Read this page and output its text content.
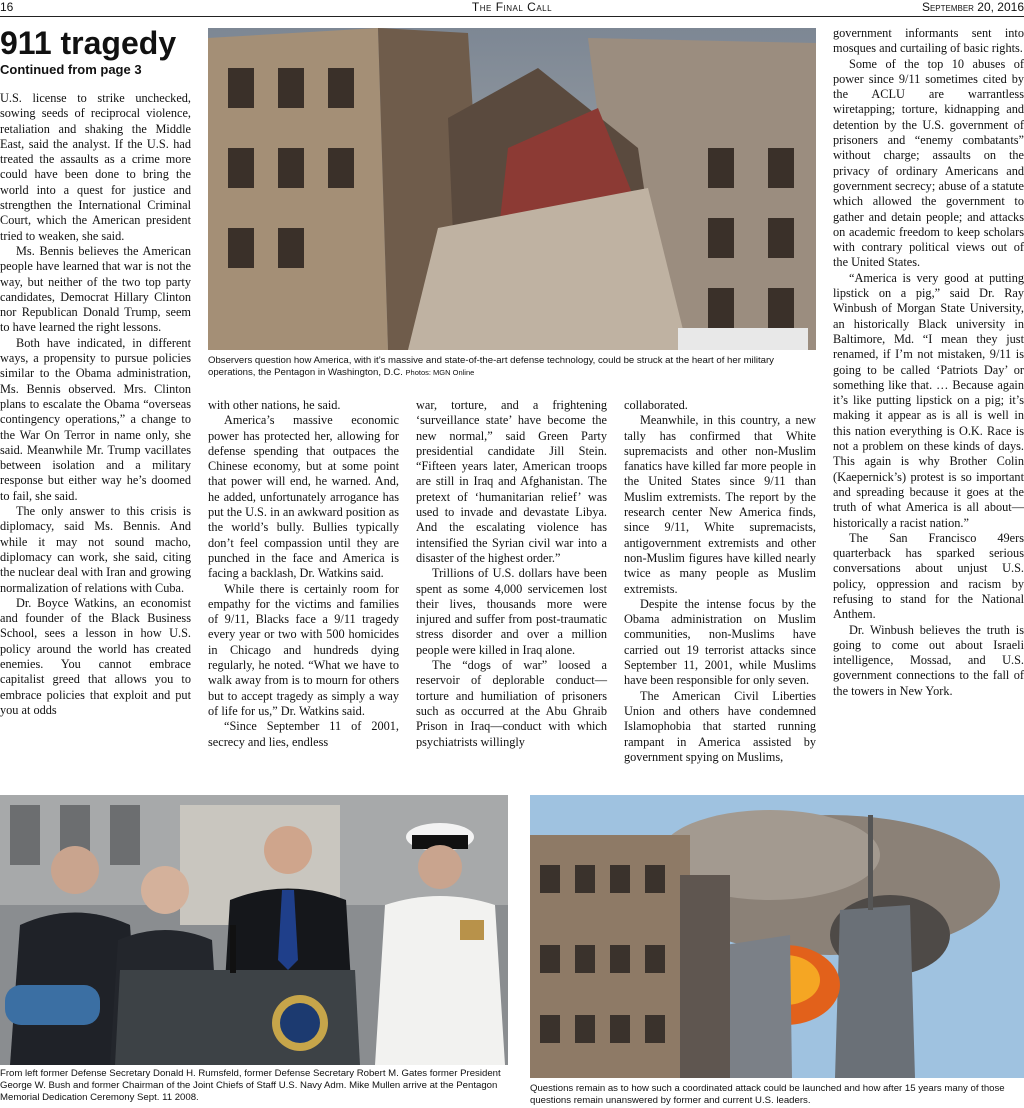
16	The Final Call	September 20, 2016
911 tragedy
Continued from page 3

U.S. license to strike unchecked, sowing seeds of reciprocal violence, retaliation and shaking the Middle East, said the analyst. If the U.S. had treated the assaults as a crime more could have been done to bring the world into a quest for justice and strengthen the International Criminal Court, which the American president tried to weaken, she said.

Ms. Bennis believes the American people have learned that war is not the way, but neither of the two top party candidates, Democrat Hillary Clinton nor Republican Donald Trump, seem to have learned the right lessons.

Both have indicated, in different ways, a propensity to pursue policies similar to the Obama administration, Ms. Bennis observed. Mrs. Clinton plans to escalate the Obama “overseas contingency operations,” a change to the War On Terror in name only, she said. Meanwhile Mr. Trump vacillates between isolation and a military response but either way he’s doomed to fail, she said.

The only answer to this crisis is diplomacy, said Ms. Bennis. And while it may not sound macho, diplomacy can work, she said, citing the nuclear deal with Iran and growing normalization of relations with Cuba.

Dr. Boyce Watkins, an economist and founder of the Black Business School, sees a lesson in how U.S. policy around the world has created enemies. You cannot embrace capitalist greed that allows you to embrace policies that exploit and put you at odds

Observers question how America, with it’s massive and state-of-the-art defense technology, could be struck at the heart of her military operations, the Pentagon in Washington, D.C. Photos: MGN Online

with other nations, he said.

America’s massive economic power has protected her, allowing for defense spending that outpaces the Chinese economy, but at some point that power will end, he warned. And, he added, unfortunately arrogance has put the U.S. in an awkward position as the world’s bully. Bullies typically don’t feel compassion until they are punched in the face and America is facing a backlash, Dr. Watkins said.

While there is certainly room for empathy for the victims and families of 9/11, Blacks face a 9/11 tragedy every year or two with 500 homicides in Chicago and hundreds dying regularly, he noted. “What we have to walk away from is to mourn for others but to accept tragedy as simply a way of life for us,” Dr. Watkins said.

“Since September 11 of 2001, secrecy and lies, endless

war, torture, and a frightening ‘surveillance state’ have become the new normal,” said Green Party presidential candidate Jill Stein. “Fifteen years later, American troops are still in Iraq and Afghanistan. The pretext of ‘humanitarian relief’ was used to invade and devastate Libya. And the escalating violence has intensified the Syrian civil war into a disaster of the highest order.”

Trillions of U.S. dollars have been spent as some 4,000 servicemen lost their lives, thousands more were injured and suffer from post-traumatic stress disorder and over a million people were killed in Iraq alone.

The “dogs of war” loosed a reservoir of deplorable conduct—torture and humiliation of prisoners such as occurred at the Abu Ghraib Prison in Iraq—conduct with which psychiatrists willingly

collaborated.

Meanwhile, in this country, a new tally has confirmed that White supremacists and other non-Muslim fanatics have killed far more people in the United States since 9/11 than Muslim extremists. The report by the research center New America finds, since 9/11, White supremacists, antigovernment extremists and other non-Muslim figures have killed nearly twice as many people as Muslim extremists.

Despite the intense focus by the Obama administration on Muslim communities, non-Muslims have carried out 19 terrorist attacks since September 11, 2001, while Muslims have been responsible for only seven.

The American Civil Liberties Union and others have condemned Islamophobia that started running rampant in America assisted by government spying on Muslims,

government informants sent into mosques and curtailing of basic rights.

Some of the top 10 abuses of power since 9/11 sometimes cited by the ACLU are warrantless wiretapping; torture, kidnapping and detention by the U.S. government of prisoners and “enemy combatants” without charge; assaults on the privacy of ordinary Americans and government secrecy; abuse of a statute which allowed the government to gather and detain people; and attacks on academic freedom to keep scholars with contrary political views out of the United States.

“America is very good at putting lipstick on a pig,” said Dr. Ray Winbush of Morgan State University, an historically Black university in Baltimore, Md. “I mean they just renamed, if I’m not mistaken, 9/11 is going to be called ‘Patriots Day’ or something like that. … Because again it’s like putting lipstick on a pig; it’s making it appear as is all is well in this nation everything is O.K. Race is not a problem on these kinds of days. This again is why Brother Colin (Kaepernick’s) protest is so important and spreading because it goes at the truth of what America is all about—historically a racist nation.”

The San Francisco 49ers quarterback has sparked serious conversations about unjust U.S. policy, oppression and racism by refusing to stand for the National Anthem.

Dr. Winbush believes the truth is going to come out about Israeli intelligence, Mossad, and U.S. government connections to the fall of the towers in New York.

From left former Defense Secretary Donald H. Rumsfeld, former Defense Secretary Robert M. Gates former President George W. Bush and former Chairman of the Joint Chiefs of Staff U.S. Navy Adm. Mike Mullen arrive at the Pentagon Memorial Dedication Ceremony Sept. 11 2008.
Questions remain as to how such a coordinated attack could be launched and how after 15 years many of those questions remain unanswered by former and current U.S. leaders.
